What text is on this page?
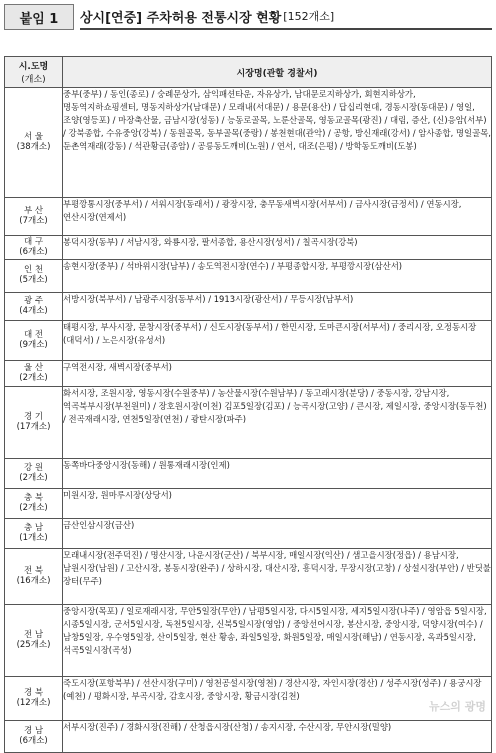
붙임 1	상시[연중] 주차허용 전통시장 현황 [152개소]
시.도명
(개소)	시장명(관할 경찰서)

서 울
(38개소)	중부(중부) / 동인(종로) / 숭례문상가, 삼익패션타운, 자유상가, 남대문로지하상가, 회현지하상가, 명동역지하쇼핑센터, 명동지하상가(남대문) / 모래내(서대문) / 용문(용산) / 답십리현대, 경동시장(동대문) / 영일, 조양(영등포) / 마장축산물, 금남시장(성동) / 능동로골목, 노룬산골목, 영동교골목(광진) / 대림, 증산, (신)응암(서부) / 강북종합, 수유중앙(강북) / 동원골목, 동부골목(중랑) / 봉천현대(관악) / 공항, 방신재래(강서) / 암사종합, 명일골목, 둔촌역재래(강동) / 석관황금(종암) / 공릉동도깨비(노원) / 연서, 대조(은평) / 방학동도깨비(도봉)

부 산
(7개소)	부평깡통시장(중부서) / 서워시장(동래서) / 광장시장, 충무동새벽시장(서부서) / 금사시장(금정서) / 연동시장, 연산시장(연제서)

대 구
(6개소)	봉덕시장(동부) / 서남시장, 와룡시장, 팔서종합, 용산시장(성서) / 칠곡시장(강북)

인 천
(5개소)	송현시장(중부) / 석바위시장(남부) / 송도역전시장(연수) / 부평종합시장, 부평깡시장(삼산서)

광 주
(4개소)	서방시장(북부서) / 남광주시장(동부서) / 1913시장(광산서) / 무등시장(남부서)

대 전
(9개소)	태평시장, 부사시장, 문창시장(중부서) / 신도시장(동부서) / 한민시장, 도마큰시장(서부서) / 중리시장, 오정동시장(대덕서) / 노은시장(유성서)

울 산
(2개소)	구역전시장, 새벽시장(중부서)

경 기
(17개소)	화서시장, 조원시장, 영동시장(수원중부) / 농산물시장(수원남부) / 동고래시장(분당) / 중동시장, 강남시장, 역곡북부시장(부천원미) / 장호원시장(이천) 김포5일장(김포) / 능곡시장(고양) / 큰시장, 제일시장, 중앙시장(동두천) / 전곡재래시장, 연천5일장(연천) / 광탄시장(파주)

강 원
(2개소)	동쪽바다중앙시장(동해) / 원통재래시장(인제)

충 북
(2개소)	미원시장, 원마루시장(상당서)

충 남
(1개소)	금산인삼시장(금산)

전 북
(16개소)	모래내시장(전주덕진) / 명산시장, 나운시장(군산) / 북부시장, 매일시장(익산) / 샘고을시장(정읍) / 용남시장, 남원시장(남원) / 고산시장, 봉동시장(완주) / 상하시장, 대산시장, 흥덕시장, 무장시장(고창) / 상설시장(부안) / 반딧불 장터(무주)

전 남
(25개소)	중앙시장(목포) / 일로재래시장, 무안5일장(무안) / 남평5일시장, 다시5일시장, 세지5일시장(나주) / 영암읍 5일시장, 시종5일시장, 군서5일시장, 독천5일시장, 신북5일시장(영암) / 중앙선어시장, 봉산시장, 중앙시장, 덕양시장(여수) / 남창5일장, 우수영5일장, 산이5일장, 현산 황송, 좌일5일장, 화원5일장, 매일시장(해남) / 연동시장, 옥과5일시장, 석곡5일시장(곡성)

경 북
(12개소)	죽도시장(포항북부) / 선산시장(구미) / 영천공설시장(영천) / 경산시장, 자인시장(경산) / 성주시장(성주) / 용궁시장(예천) / 평화시장, 부곡시장, 감호시장, 중앙시장, 황금시장(김천)

경 남
(6개소)	서부시장(진주) / 경화시장(진해) / 산청읍시장(산청) / 송지시장, 수산시장, 무안시장(밀양)
뉴스의 광명
